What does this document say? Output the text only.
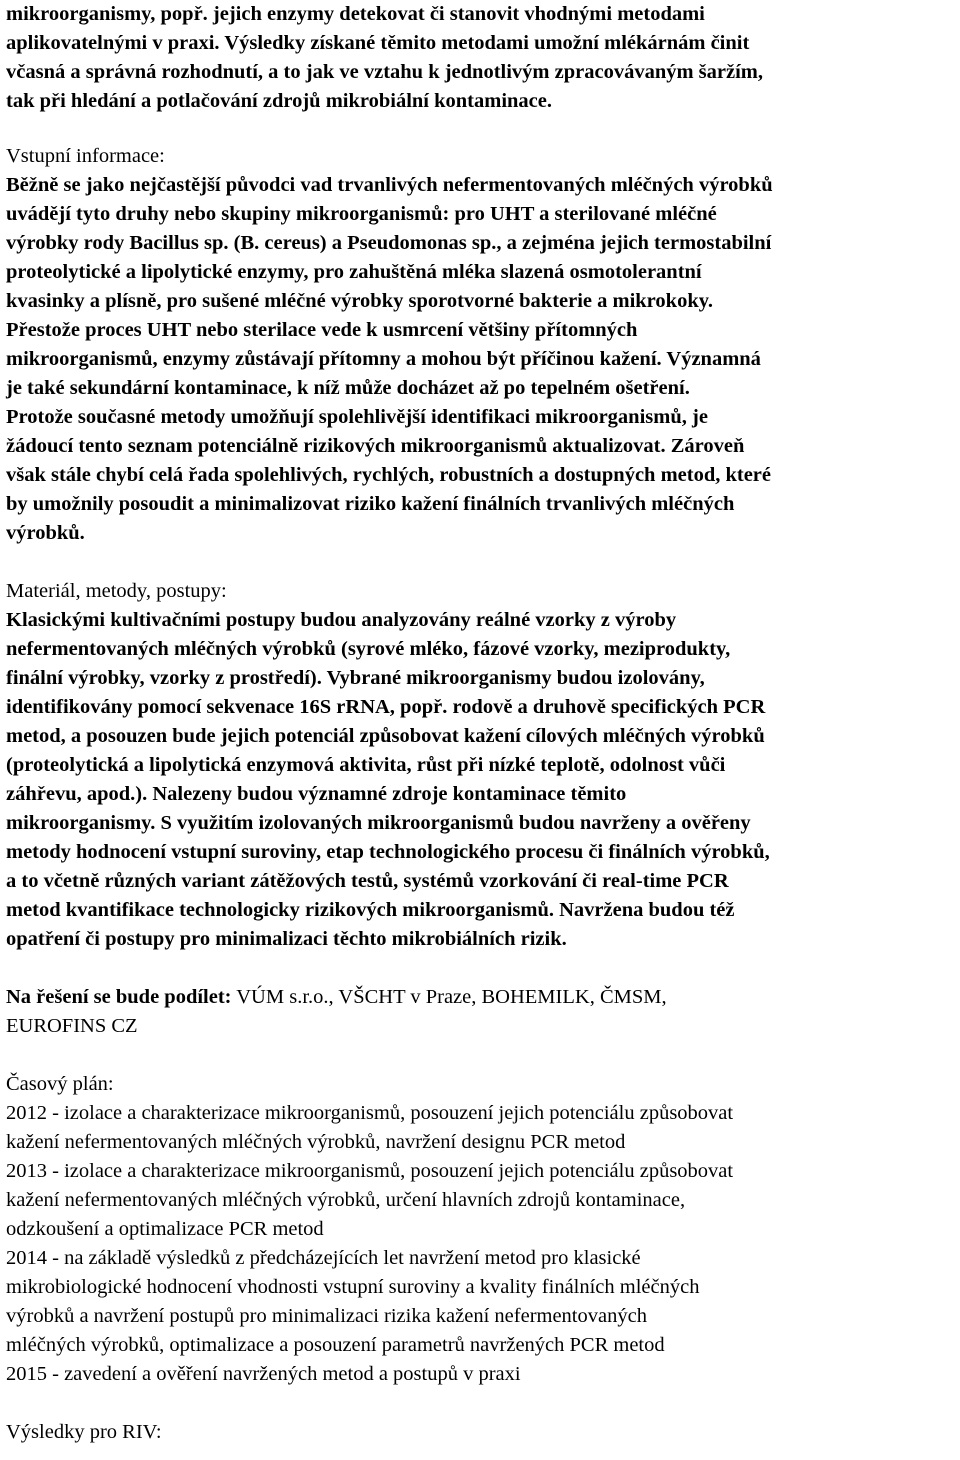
mikroorganismy, popř. jejich enzymy detekovat či stanovit vhodnými metodami
aplikovatelnými v praxi. Výsledky získané těmito metodami umožní mlékárnám činit
včasná a správná rozhodnutí, a to jak ve vztahu k jednotlivým zpracovávaným šaržím,
tak při hledání a potlačování zdrojů mikrobiální kontaminace.
Vstupní informace:
Běžně se jako nejčastější původci vad trvanlivých nefermentovaných mléčných výrobků
uvádějí tyto druhy nebo skupiny mikroorganismů: pro UHT a sterilované mléčné
výrobky rody Bacillus sp. (B. cereus) a Pseudomonas sp., a zejména jejich termostabilní
proteolytické a lipolytické enzymy, pro zahuštěná mléka slazená osmotolerantní
kvasinky a plísně, pro sušené mléčné výrobky sporotvorné bakterie a mikrokoky.
Přestože proces UHT nebo sterilace vede k usmrcení většiny přítomných
mikroorganismů, enzymy zůstávají přítomny a mohou být příčinou kažení. Významná
je také sekundární kontaminace, k níž může docházet až po tepelném ošetření.
Protože současné metody umožňují spolehlivější identifikaci mikroorganismů, je
žádoucí tento seznam potenciálně rizikových mikroorganismů aktualizovat. Zároveň
však stále chybí celá řada spolehlivých, rychlých, robustních a dostupných metod, které
by umožnily posoudit a minimalizovat riziko kažení finálních trvanlivých mléčných
výrobků.
Materiál, metody, postupy:
Klasickými kultivačními postupy budou analyzovány reálné vzorky z výroby
nefermentovaných mléčných výrobků (syrové mléko, fázové vzorky, meziprodukty,
finální výrobky, vzorky z prostředí). Vybrané mikroorganismy budou izolovány,
identifikovány pomocí sekvenace 16S rRNA, popř. rodově a druhově specifických PCR
metod, a posouzen bude jejich potenciál způsobovat kažení cílových mléčných výrobků
(proteolytická a lipolytická enzymová aktivita, růst při nízké teplotě, odolnost vůči
záhřevu, apod.). Nalezeny budou významné zdroje kontaminace těmito
mikroorganismy. S využitím izolovaných mikroorganismů budou navrženy a ověřeny
metody hodnocení vstupní suroviny, etap technologického procesu či finálních výrobků,
a to včetně různých variant zátěžových testů, systémů vzorkování či real-time PCR
metod kvantifikace technologicky rizikových mikroorganismů. Navržena budou též
opatření či postupy pro minimalizaci těchto mikrobiálních rizik.
Na řešení se bude podílet: VÚM s.r.o., VŠCHT v Praze, BOHEMILK, ČMSM,
EUROFINS CZ
Časový plán:
2012 - izolace a charakterizace mikroorganismů, posouzení jejich potenciálu způsobovat
kažení nefermentovaných mléčných výrobků, navržení designu PCR metod
2013 - izolace a charakterizace mikroorganismů, posouzení jejich potenciálu způsobovat
kažení nefermentovaných mléčných výrobků, určení hlavních zdrojů kontaminace,
odzkoušení a optimalizace PCR metod
2014 - na základě výsledků z předcházejících let navržení metod pro klasické
mikrobiologické hodnocení vhodnosti vstupní suroviny a kvality finálních mléčných
výrobků a navržení postupů pro minimalizaci rizika kažení nefermentovaných
mléčných výrobků, optimalizace a posouzení parametrů navržených PCR metod
2015 - zavedení a ověření navržených metod a postupů v praxi
Výsledky pro RIV:
